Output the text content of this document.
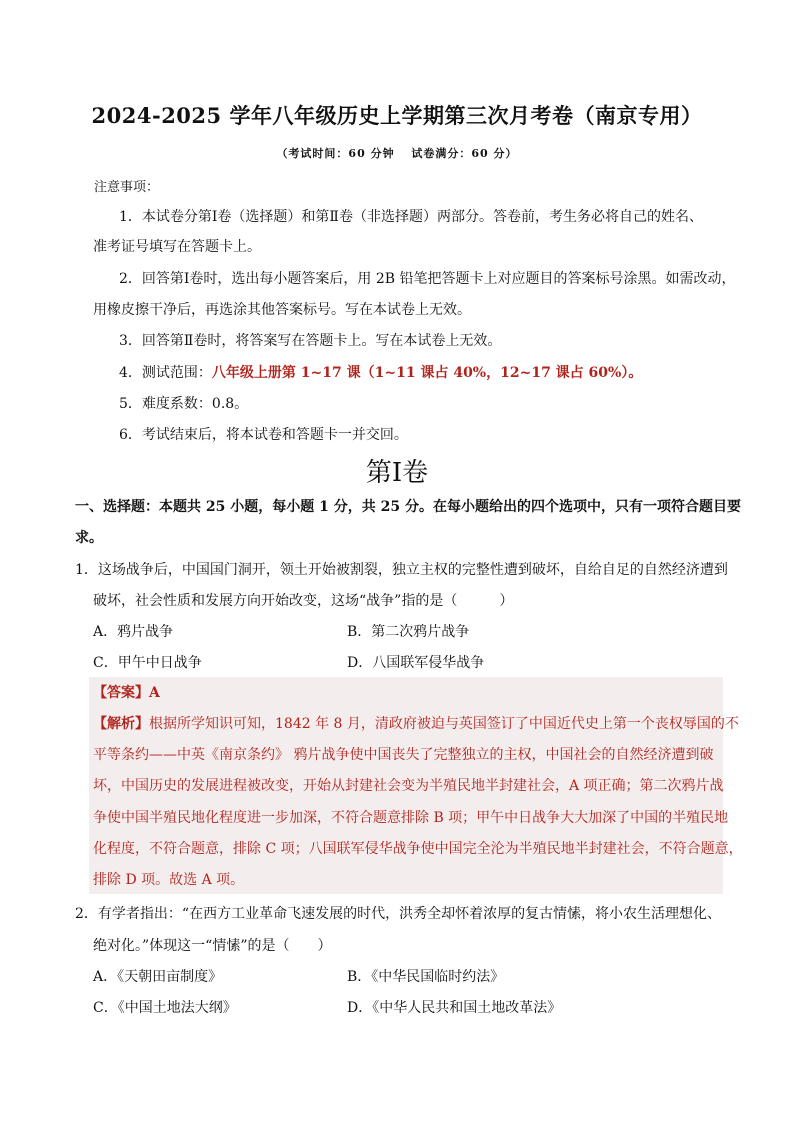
2024-2025 学年八年级历史上学期第三次月考卷（南京专用）
（考试时间：60 分钟　 试卷满分：60 分）
注意事项：
1．本试卷分第Ⅰ卷（选择题）和第Ⅱ卷（非选择题）两部分。答卷前，考生务必将自己的姓名、
准考证号填写在答题卡上。
2．回答第Ⅰ卷时，选出每小题答案后，用 2B 铅笔把答题卡上对应题目的答案标号涂黑。如需改动，
用橡皮擦干净后，再选涂其他答案标号。写在本试卷上无效。
3．回答第Ⅱ卷时，将答案写在答题卡上。写在本试卷上无效。
4．测试范围：八年级上册第 1~17 课（1~11 课占 40%，12~17 课占 60%）。
5．难度系数：0.8。
6．考试结束后，将本试卷和答题卡一并交回。
第Ⅰ卷
一、选择题：本题共 25 小题，每小题 1 分，共 25 分。在每小题给出的四个选项中，只有一项符合题目要
求。
1．这场战争后，中国国门洞开，领土开始被割裂，独立主权的完整性遭到破坏，自给自足的自然经济遭到
破坏，社会性质和发展方向开始改变，这场“战争”指的是（　　　）
A．鸦片战争	B．第二次鸦片战争
C．甲午中日战争	D．八国联军侵华战争
【答案】A
【解析】根据所学知识可知，1842 年 8 月，清政府被迫与英国签订了中国近代史上第一个丧权辱国的不
平等条约——中英《南京条约》 鸦片战争使中国丧失了完整独立的主权，中国社会的自然经济遭到破
坏，中国历史的发展进程被改变，开始从封建社会变为半殖民地半封建社会，A 项正确；第二次鸦片战
争使中国半殖民地化程度进一步加深，不符合题意排除 B 项；甲午中日战争大大加深了中国的半殖民地
化程度，不符合题意，排除 C 项；八国联军侵华战争使中国完全沦为半殖民地半封建社会，不符合题意，
排除 D 项。故选 A 项。
2．有学者指出：“在西方工业革命飞速发展的时代，洪秀全却怀着浓厚的复古情愫，将小农生活理想化、
绝对化。”体现这一“情愫”的是（　　）
A．《天朝田亩制度》	B．《中华民国临时约法》
C．《中国土地法大纲》	D．《中华人民共和国土地改革法》
